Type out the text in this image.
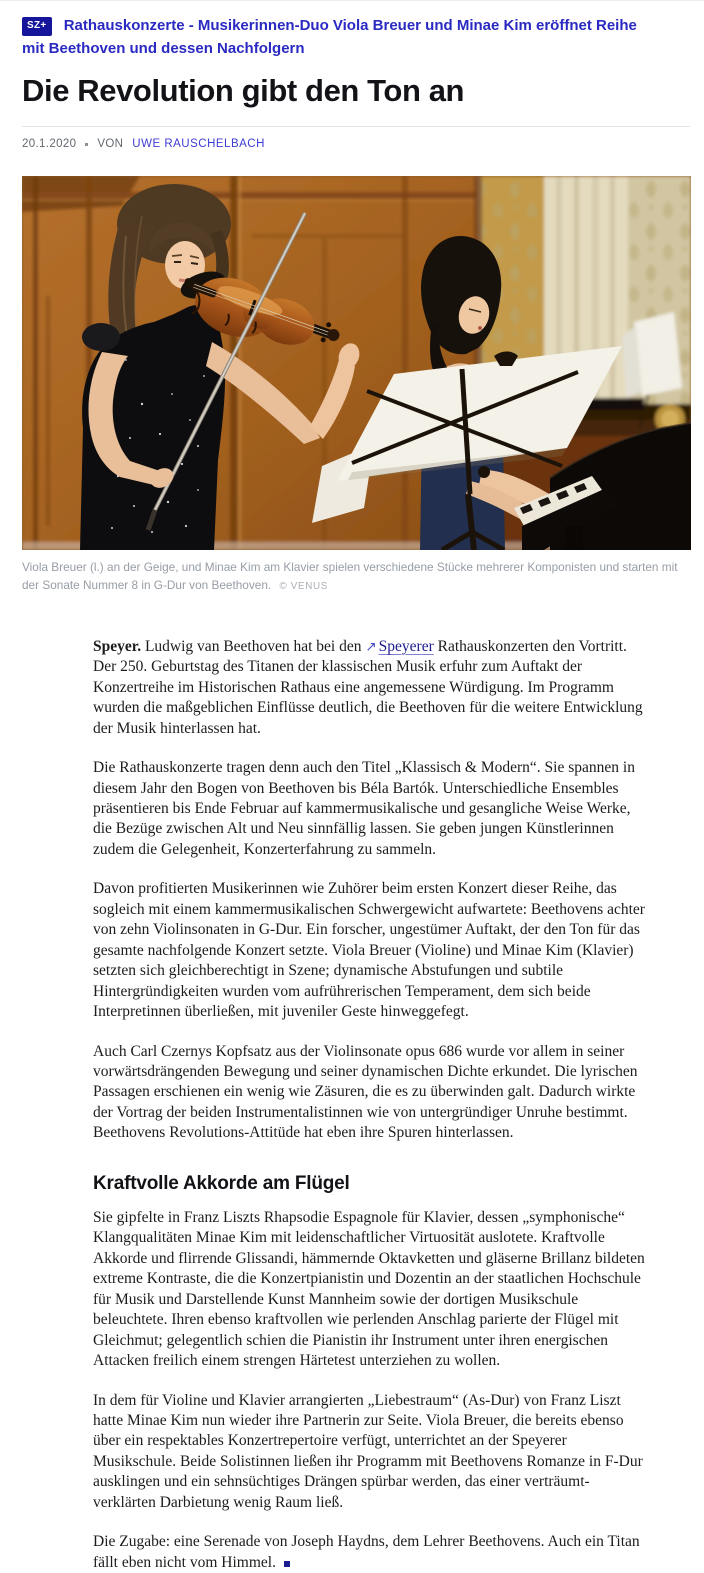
SZ+ Rathauskonzerte - Musikerinnen-Duo Viola Breuer und Minae Kim eröffnet Reihe mit Beethoven und dessen Nachfolgern

Die Revolution gibt den Ton an
20.1.2020 VON UWE RAUSCHELBACH
Viola Breuer (l.) an der Geige, und Minae Kim am Klavier spielen verschiedene Stücke mehrerer Komponisten und starten mit der Sonate Nummer 8 in G-Dur von Beethoven. © VENUS

Speyer. Ludwig van Beethoven hat bei den ↗ Speyerer Rathauskonzerten den Vortritt. Der 250. Geburtstag des Titanen der klassischen Musik erfuhr zum Auftakt der Konzertreihe im Historischen Rathaus eine angemessene Würdigung. Im Programm wurden die maßgeblichen Einflüsse deutlich, die Beethoven für die weitere Entwicklung der Musik hinterlassen hat.

Die Rathauskonzerte tragen denn auch den Titel „Klassisch & Modern“. Sie spannen in diesem Jahr den Bogen von Beethoven bis Béla Bartók. Unterschiedliche Ensembles präsentieren bis Ende Februar auf kammermusikalische und gesangliche Weise Werke, die Bezüge zwischen Alt und Neu sinnfällig lassen. Sie geben jungen Künstlerinnen zudem die Gelegenheit, Konzerterfahrung zu sammeln.

Davon profitierten Musikerinnen wie Zuhörer beim ersten Konzert dieser Reihe, das sogleich mit einem kammermusikalischen Schwergewicht aufwartete: Beethovens achter von zehn Violinsonaten in G-Dur. Ein forscher, ungestümer Auftakt, der den Ton für das gesamte nachfolgende Konzert setzte. Viola Breuer (Violine) und Minae Kim (Klavier) setzten sich gleichberechtigt in Szene; dynamische Abstufungen und subtile Hintergründigkeiten wurden vom aufrührerischen Temperament, dem sich beide Interpretinnen überließen, mit juveniler Geste hinweggefegt.

Auch Carl Czernys Kopfsatz aus der Violinsonate opus 686 wurde vor allem in seiner vorwärtsdrängenden Bewegung und seiner dynamischen Dichte erkundet. Die lyrischen Passagen erschienen ein wenig wie Zäsuren, die es zu überwinden galt. Dadurch wirkte der Vortrag der beiden Instrumentalistinnen wie von untergründiger Unruhe bestimmt. Beethovens Revolutions-Attitüde hat eben ihre Spuren hinterlassen.

Kraftvolle Akkorde am Flügel

Sie gipfelte in Franz Liszts Rhapsodie Espagnole für Klavier, dessen „symphonische“ Klangqualitäten Minae Kim mit leidenschaftlicher Virtuosität auslotete. Kraftvolle Akkorde und flirrende Glissandi, hämmernde Oktavketten und gläserne Brillanz bildeten extreme Kontraste, die die Konzertpianistin und Dozentin an der staatlichen Hochschule für Musik und Darstellende Kunst Mannheim sowie der dortigen Musikschule beleuchtete. Ihren ebenso kraftvollen wie perlenden Anschlag parierte der Flügel mit Gleichmut; gelegentlich schien die Pianistin ihr Instrument unter ihren energischen Attacken freilich einem strengen Härtetest unterziehen zu wollen.

In dem für Violine und Klavier arrangierten „Liebestraum“ (As-Dur) von Franz Liszt hatte Minae Kim nun wieder ihre Partnerin zur Seite. Viola Breuer, die bereits ebenso über ein respektables Konzertrepertoire verfügt, unterrichtet an der Speyerer Musikschule. Beide Solistinnen ließen ihr Programm mit Beethovens Romanze in F-Dur ausklingen und ein sehnsüchtiges Drängen spürbar werden, das einer verträumt-verklärten Darbietung wenig Raum ließ.

Die Zugabe: eine Serenade von Joseph Haydns, dem Lehrer Beethovens. Auch ein Titan fällt eben nicht vom Himmel.
